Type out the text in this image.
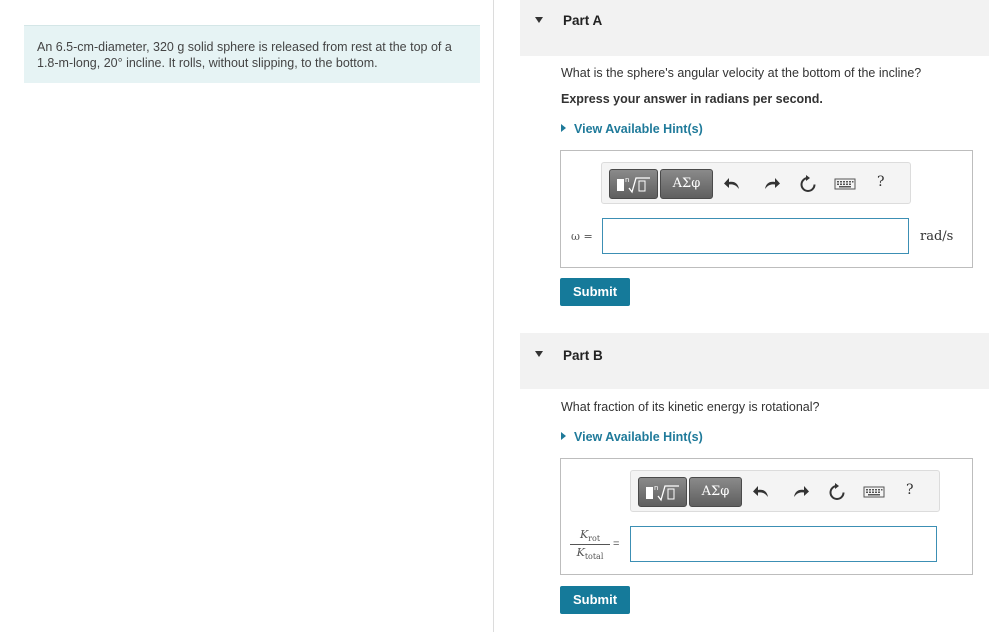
An 6.5-cm-diameter, 320 g solid sphere is released from rest at the top of a 1.8-m-long, 20° incline. It rolls, without slipping, to the bottom.
Part A
What is the sphere's angular velocity at the bottom of the incline?
Express your answer in radians per second.
View Available Hint(s)
n	ΑΣφ	?
ω =	rad/s
Submit
Part B
What fraction of its kinetic energy is rotational?
View Available Hint(s)
n	ΑΣφ	?
$K_{rot}$
$K_{total}$
=
Submit
